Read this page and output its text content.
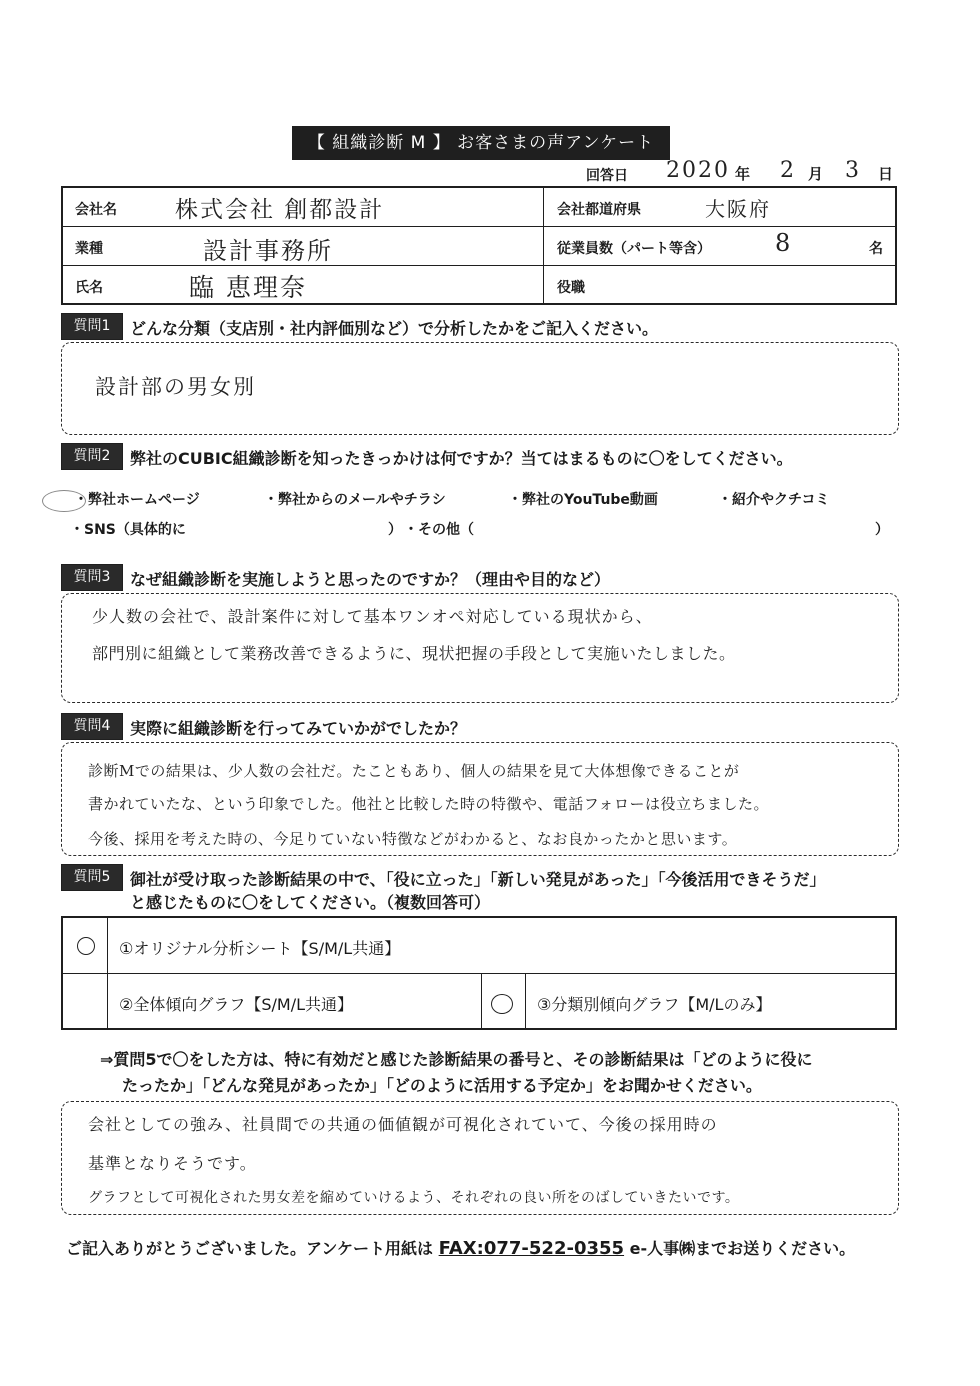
【 組織診断 M 】 お客さまの声アンケート
回答日 2020 年 2 月 3 日
会社名	株式会社 創都設計	会社都道府県	大阪府
業種	設計事務所	従業員数（パート等含）	8	名
氏名	臨 恵理奈	役職
質問1	どんな分類（支店別・社内評価別など）で分析したかをご記入ください。
設計部の男女別
質問2	弊社のCUBIC組織診断を知ったきっかけは何ですか？当てはまるものに〇をしてください。
・弊社ホームページ	・弊社からのメールやチラシ	・弊社のYouTube動画	・紹介やクチコミ
・SNS（具体的に	） ・その他（	）
質問3	なぜ組織診断を実施しようと思ったのですか？（理由や目的など）
少人数の会社で、設計案件に対して基本ワンオペ対応している現状から、
部門別に組織として業務改善できるように、現状把握の手段として実施いたしました。
質問4	実際に組織診断を行ってみていかがでしたか？
診断Mでの結果は、少人数の会社だ。たこともあり、個人の結果を見て大体想像できることが
書かれていたな、という印象でした。他社と比較した時の特徴や、電話フォローは役立ちました。
今後、採用を考えた時の、今足りていない特徴などがわかると、なお良かったかと思います。
質問5	御社が受け取った診断結果の中で、「役に立った」「新しい発見があった」「今後活用できそうだ」
と感じたものに〇をしてください。（複数回答可）
①オリジナル分析シート【S/M/L共通】
②全体傾向グラフ【S/M/L共通】	③分類別傾向グラフ【M/Lのみ】
⇒質問5で〇をした方は、特に有効だと感じた診断結果の番号と、その診断結果は「どのように役に
たったか」「どんな発見があったか」「どのように活用する予定か」をお聞かせください。
会社としての強み、社員間での共通の価値観が可視化されていて、今後の採用時の
基準となりそうです。
グラフとして可視化された男女差を縮めていけるよう、それぞれの良い所をのばしていきたいです。
ご記入ありがとうございました。アンケート用紙は FAX:077-522-0355 e-人事㈱までお送りください。
